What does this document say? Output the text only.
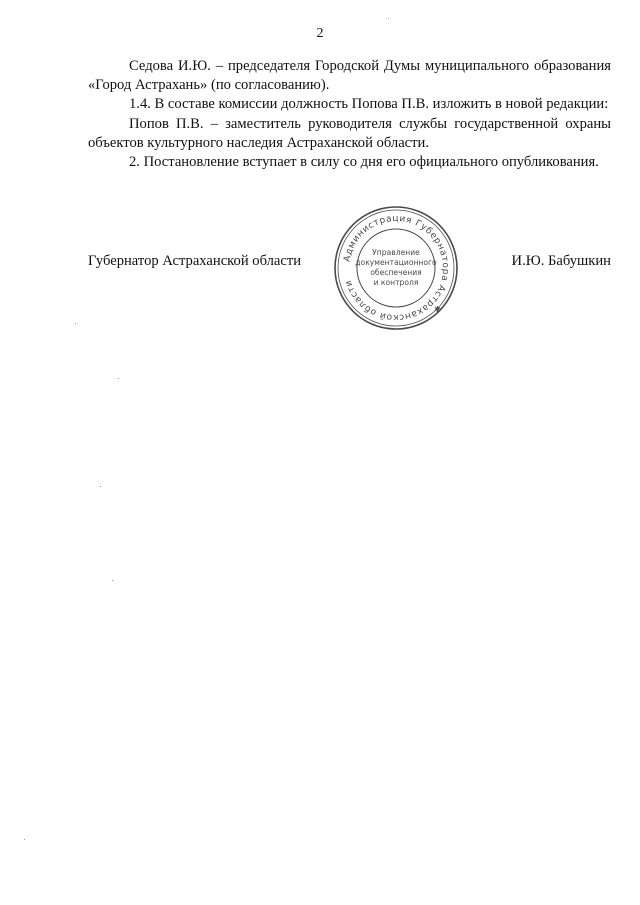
2

Седова И.Ю. – председателя Городской Думы муниципального образования «Город Астрахань» (по согласованию).

1.4. В составе комиссии должность Попова П.В. изложить в новой редакции:

Попов П.В. – заместитель руководителя службы государственной охраны объектов культурного наследия Астраханской области.

2. Постановление вступает в силу со дня его официального опубликования.

Губернатор Астраханской области	И.Ю. Бабушкин
Администрация Губернатора Астраханской области
✱
Управление
документационного
обеспечения
и контроля
